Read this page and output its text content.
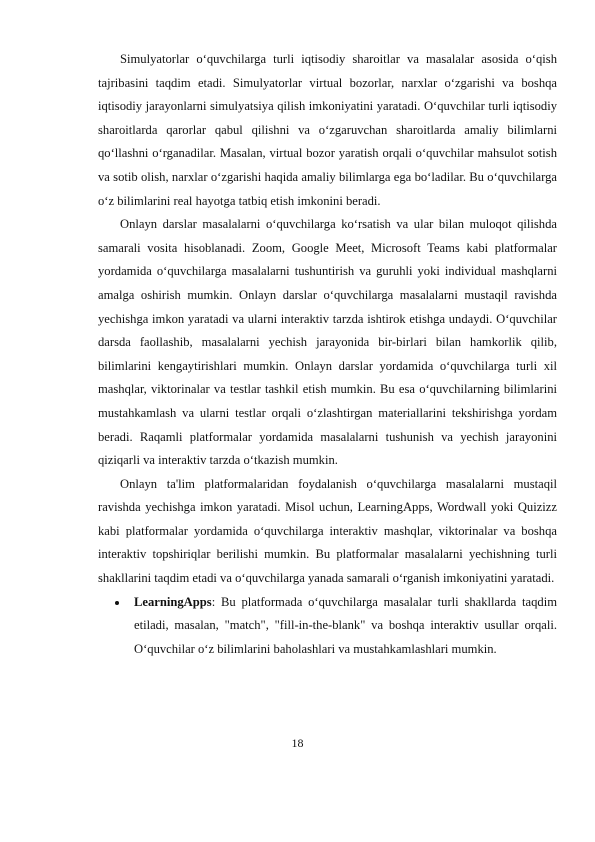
Simulyatorlar o‘quvchilarga turli iqtisodiy sharoitlar va masalalar asosida o‘qish tajribasini taqdim etadi. Simulyatorlar virtual bozorlar, narxlar o‘zgarishi va boshqa iqtisodiy jarayonlarni simulyatsiya qilish imkoniyatini yaratadi. O‘quvchilar turli iqtisodiy sharoitlarda qarorlar qabul qilishni va o‘zgaruvchan sharoitlarda amaliy bilimlarni qo‘llashni o‘rganadilar. Masalan, virtual bozor yaratish orqali o‘quvchilar mahsulot sotish va sotib olish, narxlar o‘zgarishi haqida amaliy bilimlarga ega bo‘ladilar. Bu o‘quvchilarga o‘z bilimlarini real hayotga tatbiq etish imkonini beradi.

Onlayn darslar masalalarni o‘quvchilarga ko‘rsatish va ular bilan muloqot qilishda samarali vosita hisoblanadi. Zoom, Google Meet, Microsoft Teams kabi platformalar yordamida o‘quvchilarga masalalarni tushuntirish va guruhli yoki individual mashqlarni amalga oshirish mumkin. Onlayn darslar o‘quvchilarga masalalarni mustaqil ravishda yechishga imkon yaratadi va ularni interaktiv tarzda ishtirok etishga undaydi. O‘quvchilar darsda faollashib, masalalarni yechish jarayonida bir-birlari bilan hamkorlik qilib, bilimlarini kengaytirishlari mumkin. Onlayn darslar yordamida o‘quvchilarga turli xil mashqlar, viktorinalar va testlar tashkil etish mumkin. Bu esa o‘quvchilarning bilimlarini mustahkamlash va ularni testlar orqali o‘zlashtirgan materiallarini tekshirishga yordam beradi. Raqamli platformalar yordamida masalalarni tushunish va yechish jarayonini qiziqarli va interaktiv tarzda o‘tkazish mumkin.

Onlayn ta'lim platformalaridan foydalanish o‘quvchilarga masalalarni mustaqil ravishda yechishga imkon yaratadi. Misol uchun, LearningApps, Wordwall yoki Quizizz kabi platformalar yordamida o‘quvchilarga interaktiv mashqlar, viktorinalar va boshqa interaktiv topshiriqlar berilishi mumkin. Bu platformalar masalalarni yechishning turli shakllarini taqdim etadi va o‘quvchilarga yanada samarali o‘rganish imkoniyatini yaratadi.

LearningApps: Bu platformada o‘quvchilarga masalalar turli shakllarda taqdim etiladi, masalan, "match", "fill-in-the-blank" va boshqa interaktiv usullar orqali. O‘quvchilar o‘z bilimlarini baholashlari va mustahkamlashlari mumkin.

18
